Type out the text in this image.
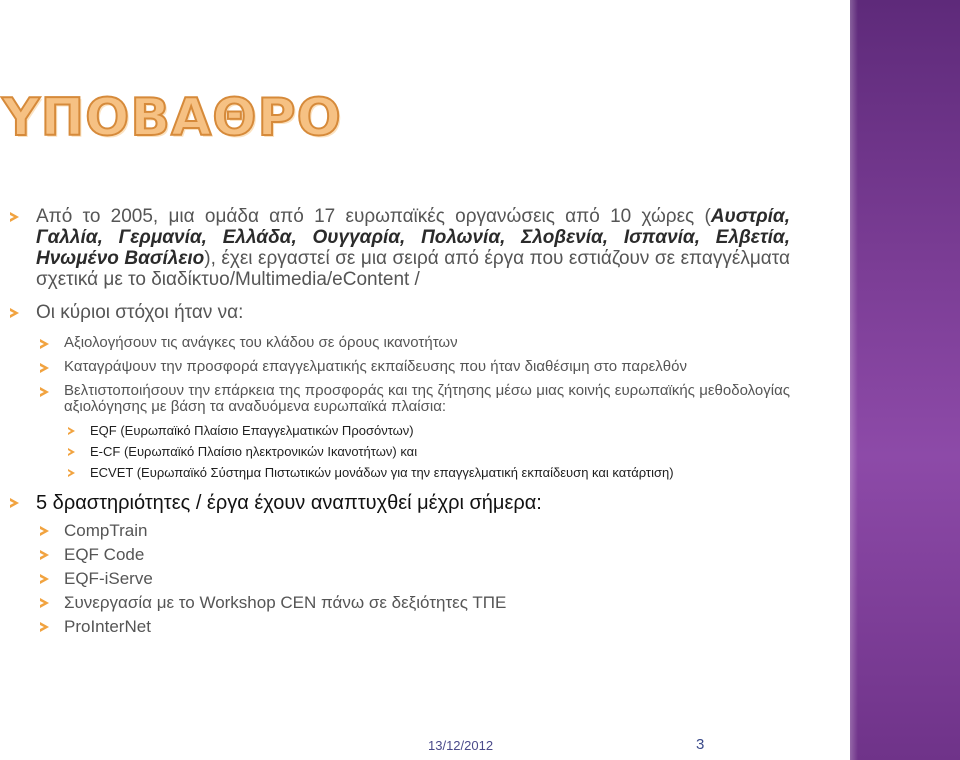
ΥΠΟΒΑΘΡΟ
Από το 2005, μια ομάδα από 17 ευρωπαϊκές οργανώσεις από 10 χώρες (Αυστρία, Γαλλία, Γερμανία, Ελλάδα, Ουγγαρία, Πολωνία, Σλοβενία, Ισπανία, Ελβετία, Ηνωμένο Βασίλειο), έχει εργαστεί σε μια σειρά από έργα που εστιάζουν σε επαγγέλματα σχετικά με το διαδίκτυο/Multimedia/eContent /
Οι κύριοι στόχοι ήταν να:
Αξιολογήσουν τις ανάγκες του κλάδου σε όρους ικανοτήτων
Καταγράψουν την προσφορά επαγγελματικής εκπαίδευσης που ήταν διαθέσιμη στο παρελθόν
Βελτιστοποιήσουν την επάρκεια της προσφοράς και της ζήτησης μέσω μιας κοινής ευρωπαϊκής μεθοδολογίας αξιολόγησης με βάση τα αναδυόμενα ευρωπαϊκά πλαίσια:
EQF (Ευρωπαϊκό Πλαίσιο Επαγγελματικών Προσόντων)
E-CF (Ευρωπαϊκό Πλαίσιο ηλεκτρονικών Ικανοτήτων) και
ECVET (Ευρωπαϊκό Σύστημα Πιστωτικών μονάδων για την επαγγελματική εκπαίδευση και κατάρτιση)
5 δραστηριότητες / έργα έχουν αναπτυχθεί μέχρι σήμερα:
CompTrain
EQF Code
EQF-iServe
Συνεργασία με το Workshop CEN πάνω σε δεξιότητες ΤΠΕ
ProInterNet
13/12/2012	3
